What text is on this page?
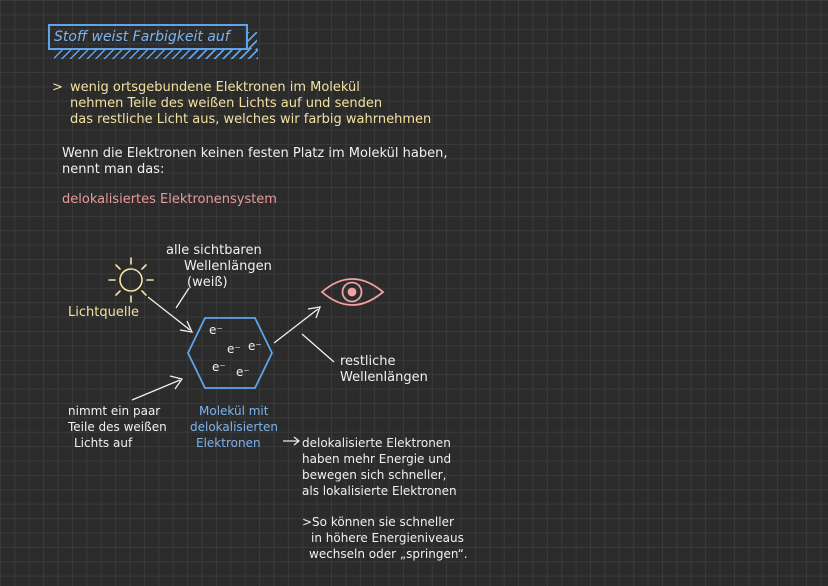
Stoff weist Farbigkeit auf
> wenig ortsgebundene Elektronen im Molekül
nehmen Teile des weißen Lichts auf und senden
das restliche Licht aus, welches wir farbig wahrnehmen
Wenn die Elektronen keinen festen Platz im Molekül haben,
nennt man das:
delokalisiertes Elektronensystem
alle sichtbaren
Wellenlängen
(weiß)
Lichtquelle
e⁻
e⁻ e⁻
e⁻ e⁻
restliche
Wellenlängen
nimmt ein paar
Teile des weißen
Lichts auf
Molekül mit
delokalisierten
Elektronen	delokalisierte Elektronen
haben mehr Energie und
bewegen sich schneller,
als lokalisierte Elektronen
>So können sie schneller
in höhere Energieniveaus
wechseln oder „springen“.
